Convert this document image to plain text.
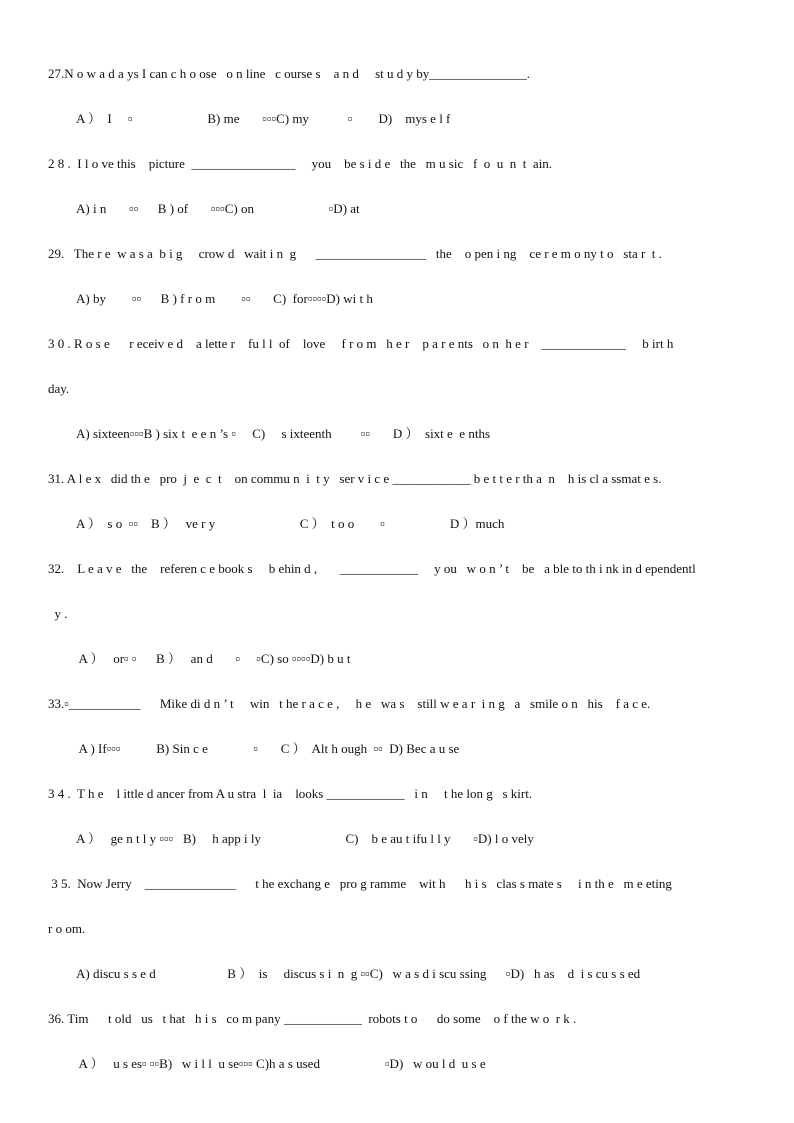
27.N o w a d a ys I can c h o ose   o n line   c ourse s    a n d     st u d y by_______________.
A ）  I     ▫                       B) me       ▫▫▫C) my            ▫        D)    mys e l f
2 8 .  I l o ve this    picture  ________________     you    be s i d e   the   m u sic   f  o  u  n  t  ain.
A) i n       ▫▫      B ) of       ▫▫▫C) on                       ▫D) at
29.   The r e  w a s a  b i g     crow d   wait i n  g      _________________   the    o pen i ng    ce r e m o ny t o   sta r  t .
A) by        ▫▫      B ) f r o m        ▫▫       C)  for▫▫▫▫D) wi t h
3 0 . R o s e      r eceiv e d    a lette r    fu l l  of    love     f r o m   h e r    p a r e nts   o n  h e r    _____________     b irt h
day.
A) sixteen▫▫▫B ) six t  e e n ’s ▫     C)     s ixteenth         ▫▫       D ）  sixt e  e nths
31. A l e x   did th e   pro  j  e  c  t    on commu n  i  t y   ser v i c e ____________ b e t t e r th a  n    h is cl a ssmat e s.
A ）  s o  ▫▫    B ）   ve r y                          C ）  t o o        ▫                    D ）much
32.    L e a v e   the    referen c e book s     b ehin d ,       ____________     y ou   w o n ’ t    be   a ble to th i nk in d ependentl
y .
A ）   or▫ ▫      B ）   an d       ▫     ▫C) so ▫▫▫▫D) b u t
33.▫___________      Mike di d n ’ t     win   t he r a c e ,     h e   wa s    still w e a r  i n g   a   smile o n   his    f a c e.
A ) If▫▫▫           B) Sin c e              ▫       C ）  Alt h ough  ▫▫  D) Bec a u se
3 4 .  T h e    l ittle d ancer from A u stra  l  ia    looks ____________   i n     t he lon g   s kirt.
A ）   ge n t l y ▫▫▫   B)     h app i ly                          C)    b e au t ifu l l y       ▫D) l o vely
3 5.  Now Jerry    ______________      t he exchang e   pro g ramme    wit h      h i s   clas s mate s     i n th e   m e eting
r o om.
A) discu s s e d                      B ）  is     discus s i  n  g ▫▫C)   w a s d i scu ssing      ▫D)   h as    d  i s cu s s ed
36. Tim      t old   us   t hat   h i s   co m pany ____________  robots t o      do some    o f the w o  r k .
A ）   u s es▫ ▫▫B)   w i l l  u se▫▫▫ C)h a s used                    ▫D)   w ou l d  u s e
